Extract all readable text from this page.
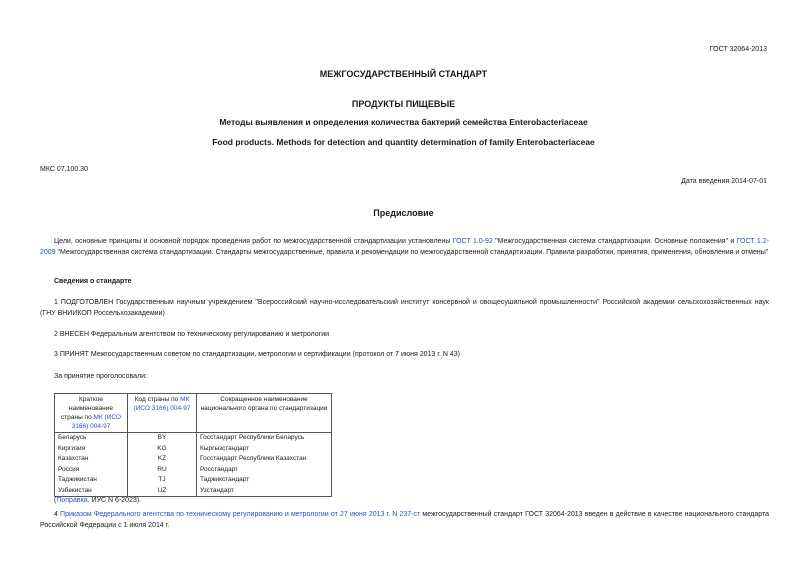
ГОСТ 32064-2013
МЕЖГОСУДАРСТВЕННЫЙ СТАНДАРТ
ПРОДУКТЫ ПИЩЕВЫЕ
Методы выявления и определения количества бактерий семейства Enterobacteriaceae
Food products. Methods for detection and quantity determination of family Enterobacteriaceae
МКС 07.100.30
Дата введения 2014-07-01
Предисловие
Цели, основные принципы и основной порядок проведения работ по межгосударственной стандартизации установлены ГОСТ 1.0-92 "Межгосударственная система стандартизации. Основные положения" и ГОСТ 1.2-2009 "Межгосударственная система стандартизации. Стандарты межгосударственные, правила и рекомендации по межгосударственной стандартизации. Правила разработки, принятия, применения, обновления и отмены"
Сведения о стандарте
1 ПОДГОТОВЛЕН Государственным научным учреждением "Всероссийский научно-исследовательский институт консервной и овощесушильной промышленности" Российской академии сельскохозяйственных наук (ГНУ ВНИИКОП Россельхозакадемии)
2 ВНЕСЕН Федеральным агентством по техническому регулированию и метрологии
3 ПРИНЯТ Межгосударственным советом по стандартизации, метрологии и сертификации (протокол от 7 июня 2013 г. N 43)
За принятие проголосовали:
Краткое наименование страны по МК (ИСО 3166) 004-97	Код страны по МК (ИСО 3166) 004-97	Сокращенное наименование национального органа по стандартизации
Беларусь	BY	Госстандарт Республики Беларусь
Киргизия	KG	Кыргызстандарт
Казахстан	KZ	Госстандарт Республики Казахстан
Россия	RU	Росстандарт
Таджикистан	TJ	Таджикстандарт
Узбекистан	UZ	Узстандарт
(Поправка. ИУС N 6-2023).
4 Приказом Федерального агентства по техническому регулированию и метрологии от 27 июня 2013 г. N 237-ст межгосударственный стандарт ГОСТ 32064-2013 введен в действие в качестве национального стандарта Российской Федерации с 1 июля 2014 г.
